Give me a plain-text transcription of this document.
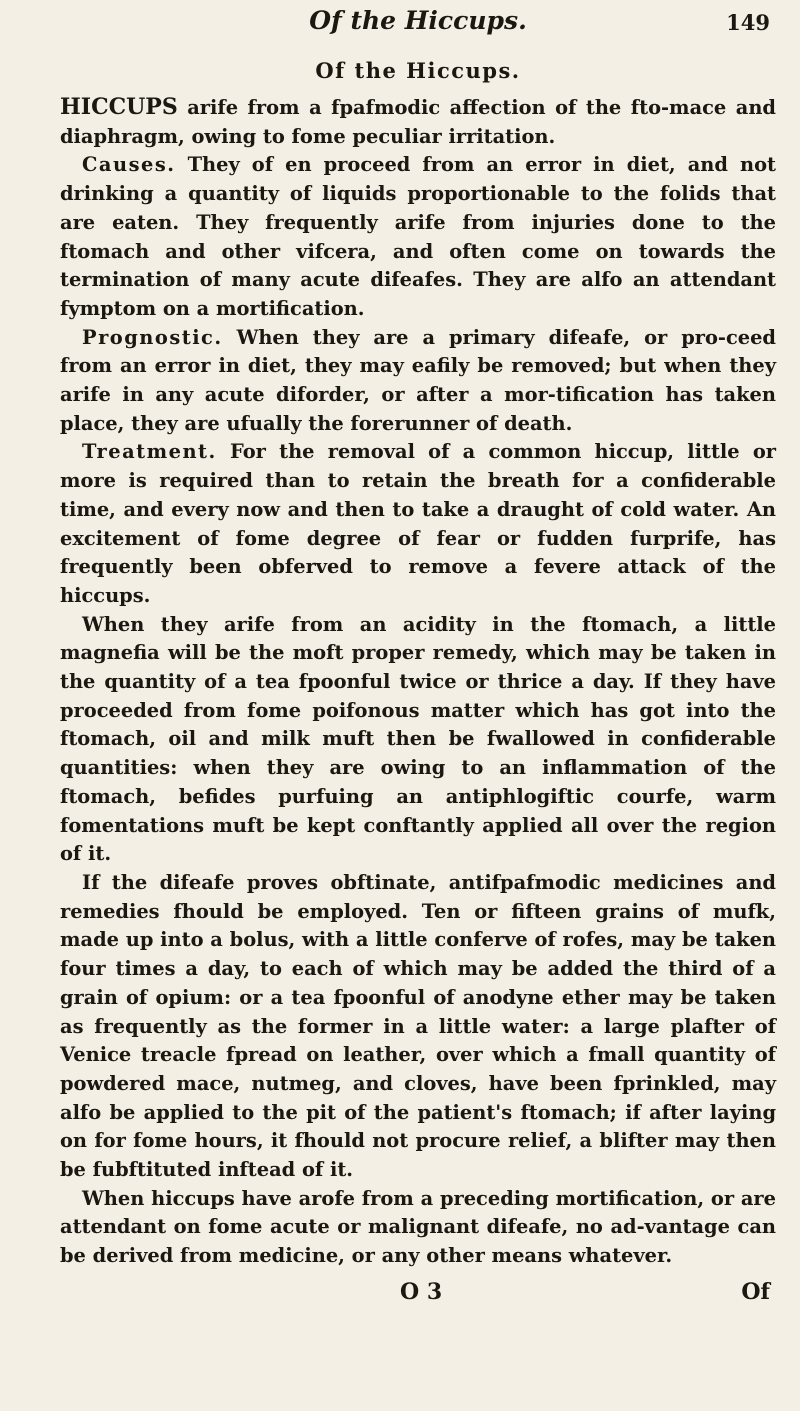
Of the Hiccups.	149
Of the Hiccups.

HICCUPS arife from a fpafmodic affection of the fto-mace and diaphragm, owing to fome peculiar irritation.

Causes. They of en proceed from an error in diet, and not drinking a quantity of liquids proportionable to the folids that are eaten. They frequently arife from injuries done to the ftomach and other vifcera, and often come on towards the termination of many acute difeafes. They are alfo an attendant fymptom on a mortification.

Prognostic. When they are a primary difeafe, or pro-ceed from an error in diet, they may eafily be removed; but when they arife in any acute diforder, or after a mor-tification has taken place, they are ufually the forerunner of death.

Treatment. For the removal of a common hiccup, little or more is required than to retain the breath for a confiderable time, and every now and then to take a draught of cold water. An excitement of fome degree of fear or fudden furprife, has frequently been obferved to remove a fevere attack of the hiccups.

When they arife from an acidity in the ftomach, a little magnefia will be the moft proper remedy, which may be taken in the quantity of a tea fpoonful twice or thrice a day. If they have proceeded from fome poifonous matter which has got into the ftomach, oil and milk muft then be fwallowed in confiderable quantities: when they are owing to an inflammation of the ftomach, befides purfuing an antiphlogiftic courfe, warm fomentations muft be kept conftantly applied all over the region of it.

If the difeafe proves obftinate, antifpafmodic medicines and remedies fhould be employed. Ten or fifteen grains of mufk, made up into a bolus, with a little conferve of rofes, may be taken four times a day, to each of which may be added the third of a grain of opium: or a tea fpoonful of anodyne ether may be taken as frequently as the former in a little water: a large plafter of Venice treacle fpread on leather, over which a fmall quantity of powdered mace, nutmeg, and cloves, have been fprinkled, may alfo be applied to the pit of the patient's ftomach; if after laying on for fome hours, it fhould not procure relief, a blifter may then be fubftituted inftead of it.

When hiccups have arofe from a preceding mortification, or are attendant on fome acute or malignant difeafe, no ad-vantage can be derived from medicine, or any other means whatever.

O 3	Of
